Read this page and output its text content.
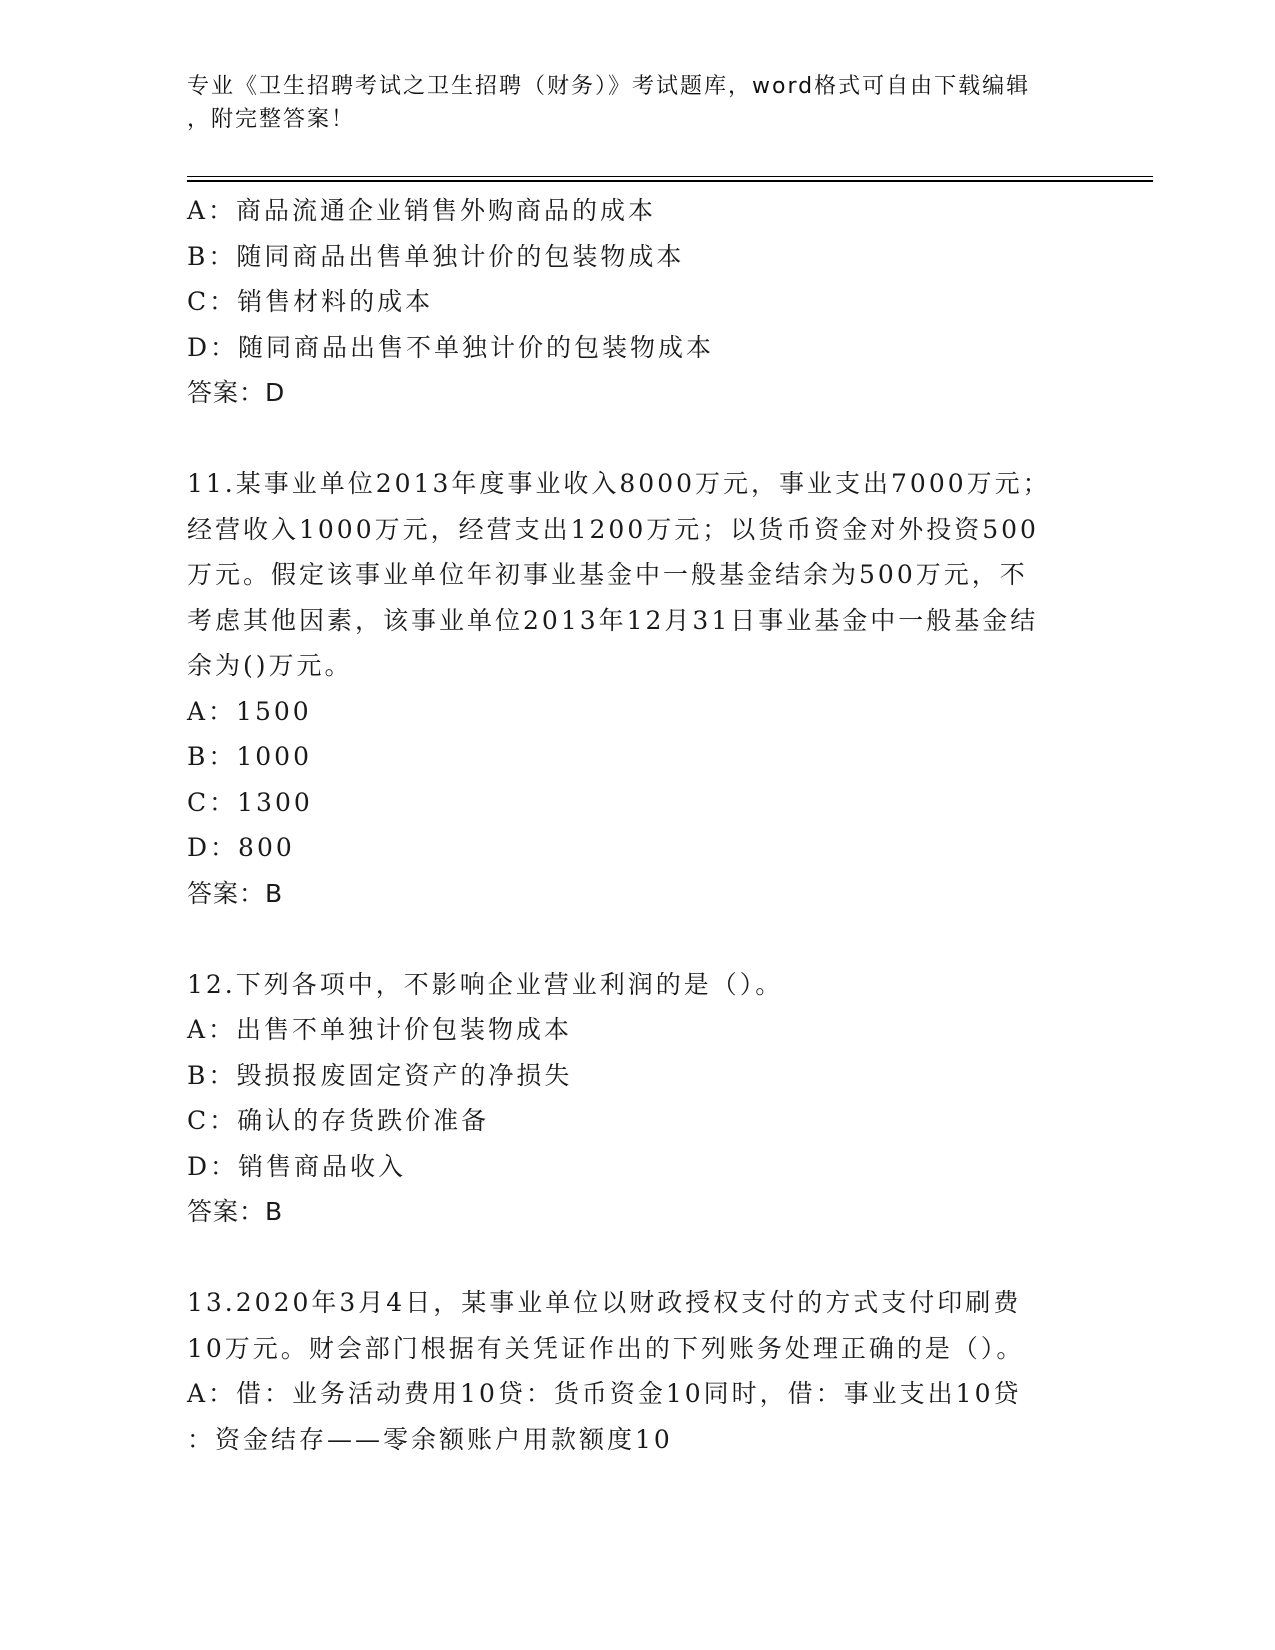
专业《卫生招聘考试之卫生招聘（财务）》考试题库，word格式可自由下载编辑
，附完整答案！
A：商品流通企业销售外购商品的成本
B：随同商品出售单独计价的包装物成本
C：销售材料的成本
D：随同商品出售不单独计价的包装物成本
答案：D
11.某事业单位2013年度事业收入8000万元，事业支出7000万元；
经营收入1000万元，经营支出1200万元；以货币资金对外投资500
万元。假定该事业单位年初事业基金中一般基金结余为500万元，不
考虑其他因素，该事业单位2013年12月31日事业基金中一般基金结
余为()万元。
A：1500
B：1000
C：1300
D：800
答案：B
12.下列各项中，不影响企业营业利润的是（）。
A：出售不单独计价包装物成本
B：毁损报废固定资产的净损失
C：确认的存货跌价准备
D：销售商品收入
答案：B
13.2020年3月4日，某事业单位以财政授权支付的方式支付印刷费
10万元。财会部门根据有关凭证作出的下列账务处理正确的是（）。
A：借：业务活动费用10贷：货币资金10同时，借：事业支出10贷
：资金结存——零余额账户用款额度10
